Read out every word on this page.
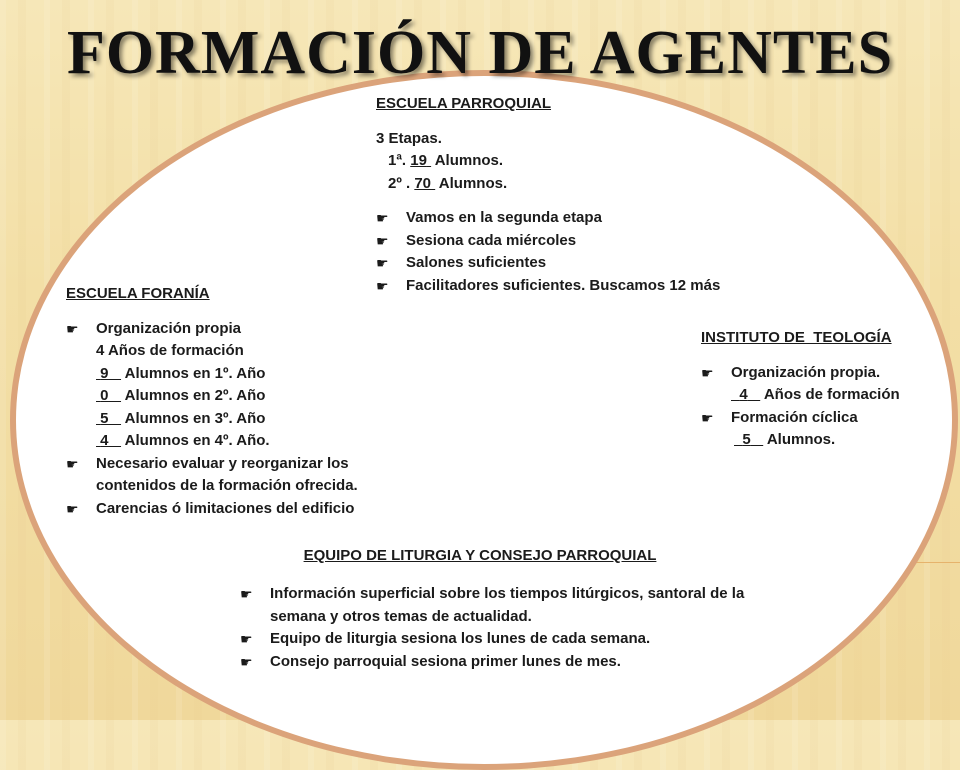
FORMACIÓN DE AGENTES
ESCUELA PARROQUIAL
3 Etapas.
1ª. 19  Alumnos.
2º . 70  Alumnos.
☛	Vamos en la segunda etapa
☛	Sesiona cada miércoles
☛	Salones suficientes
☛	Facilitadores suficientes. Buscamos 12 más
ESCUELA FORANÍA
☛	Organización propia
4 Años de formación
9 Alumnos en 1º. Año
0 Alumnos en 2º. Año
5 Alumnos en 3º. Año
4 Alumnos en 4º. Año.
☛	Necesario evaluar y reorganizar los
contenidos de la formación ofrecida.
☛	Carencias ó limitaciones del edificio
INSTITUTO DE  TEOLOGÍA
☛	Organización propia.
4 Años de formación
☛	Formación cíclica
5 Alumnos.
EQUIPO DE LITURGIA Y CONSEJO PARROQUIAL
☛	Información superficial sobre los tiempos litúrgicos, santoral de la
semana y otros temas de actualidad.
☛	Equipo de liturgia sesiona los lunes de cada semana.
☛	Consejo parroquial sesiona primer lunes de mes.
